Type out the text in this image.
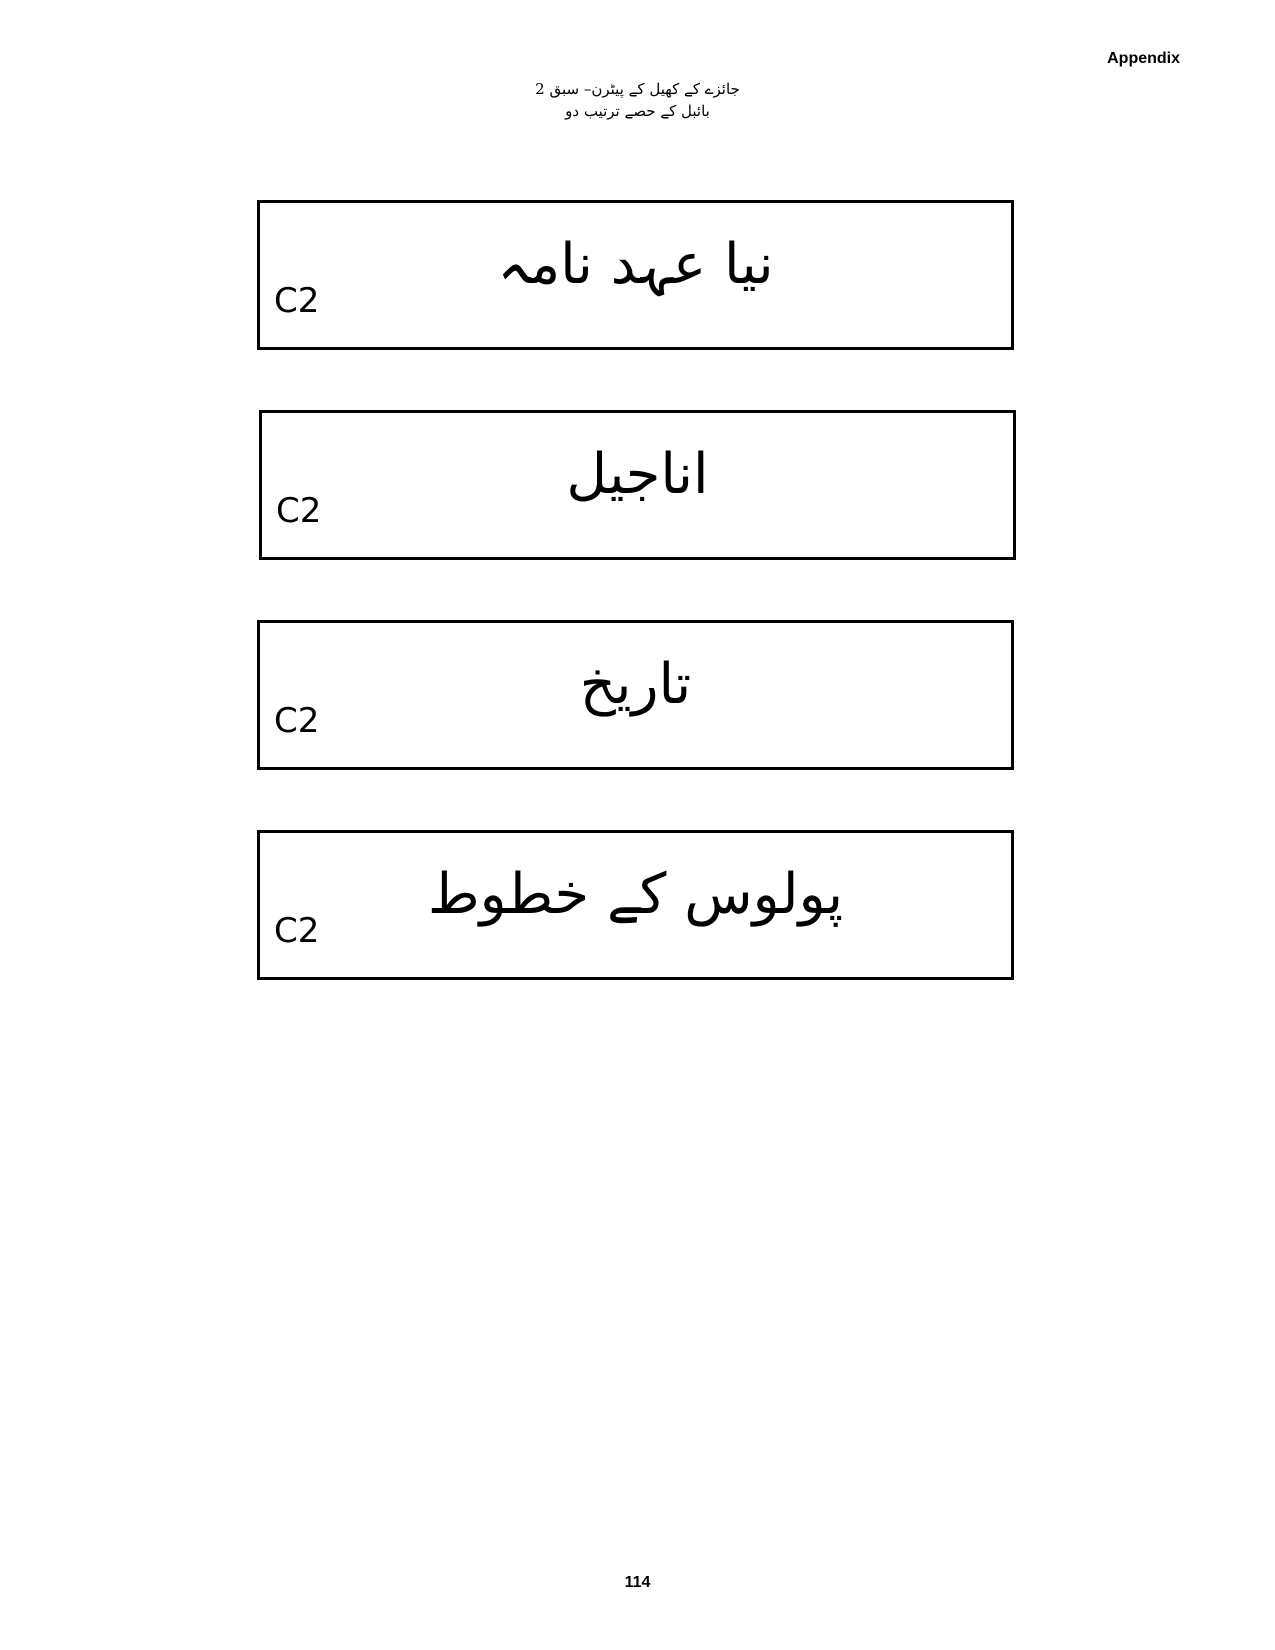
Appendix
جائزے کے کھیل کے پیٹرن– سبق 2
بائبل کے حصے ترتیب دو
نیا عہد نامہ
C2
اناجیل
C2
تاریخ
C2
پولوس کے خطوط
C2
114
